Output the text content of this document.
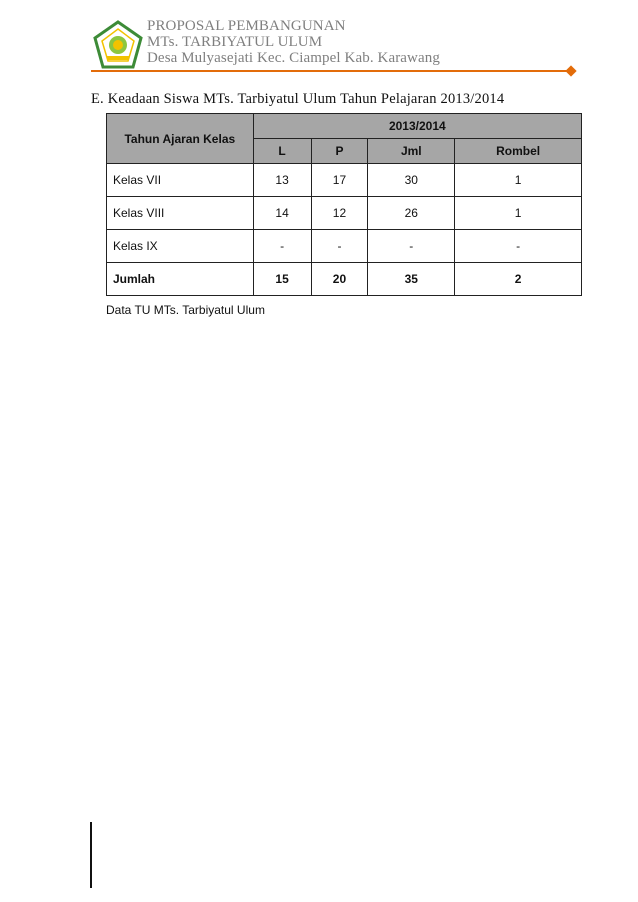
PROPOSAL PEMBANGUNAN
MTs. TARBIYATUL ULUM
Desa Mulyasejati Kec. Ciampel Kab. Karawang
E. Keadaan Siswa MTs. Tarbiyatul Ulum Tahun Pelajaran 2013/2014
Tahun Ajaran Kelas	2013/2014			
	L	P	Jml	Rombel
Kelas VII	13	17	30	1
Kelas VIII	14	12	26	1
Kelas IX	-	-	-	-
Jumlah	15	20	35	2
Data TU MTs. Tarbiyatul Ulum
